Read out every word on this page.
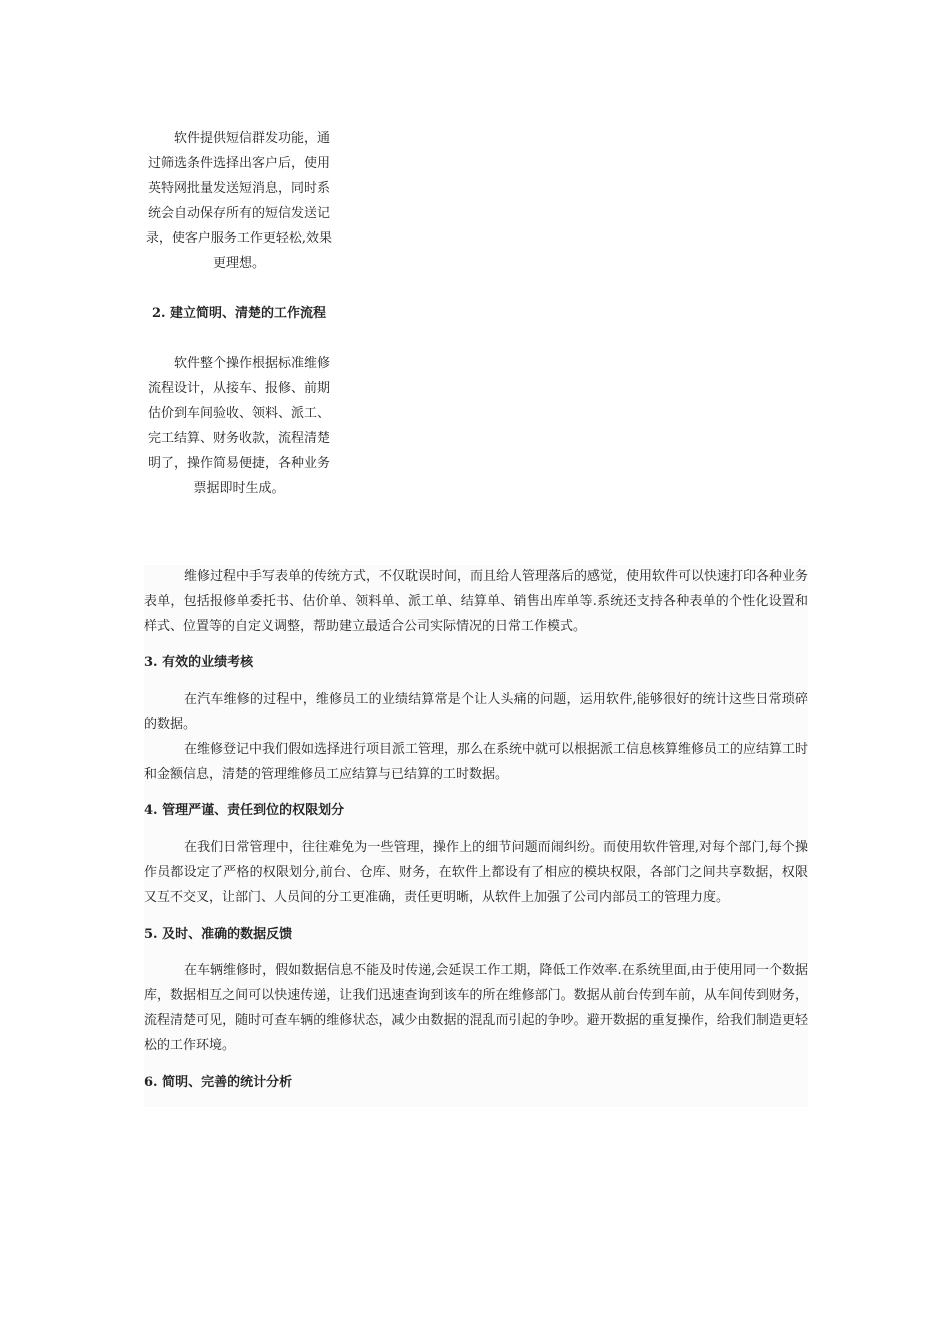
　　软件提供短信群发功能，通过筛选条件选择出客户后，使用英特网批量发送短消息，同时系统会自动保存所有的短信发送记录，使客户服务工作更轻松,效果更理想。

2. 建立简明、清楚的工作流程

　　软件整个操作根据标准维修流程设计，从接车、报修、前期估价到车间验收、领料、派工、完工结算、财务收款，流程清楚明了，操作简易便捷，各种业务票据即时生成。

维修过程中手写表单的传统方式，不仅耽误时间，而且给人管理落后的感觉，使用软件可以快速打印各种业务表单，包括报修单委托书、估价单、领料单、派工单、结算单、销售出库单等.系统还支持各种表单的个性化设置和样式、位置等的自定义调整，帮助建立最适合公司实际情况的日常工作模式。

3. 有效的业绩考核

在汽车维修的过程中，维修员工的业绩结算常是个让人头痛的问题，运用软件,能够很好的统计这些日常琐碎的数据。

在维修登记中我们假如选择进行项目派工管理，那么在系统中就可以根据派工信息核算维修员工的应结算工时和金额信息，清楚的管理维修员工应结算与已结算的工时数据。

4. 管理严谨、责任到位的权限划分

在我们日常管理中，往往难免为一些管理，操作上的细节问题而闹纠纷。而使用软件管理,对每个部门,每个操作员都设定了严格的权限划分,前台、仓库、财务，在软件上都设有了相应的模块权限，各部门之间共享数据，权限又互不交叉，让部门、人员间的分工更准确，责任更明晰，从软件上加强了公司内部员工的管理力度。

5. 及时、准确的数据反馈

在车辆维修时，假如数据信息不能及时传递,会延误工作工期，降低工作效率.在系统里面,由于使用同一个数据库，数据相互之间可以快速传递，让我们迅速查询到该车的所在维修部门。数据从前台传到车前，从车间传到财务，流程清楚可见，随时可查车辆的维修状态，减少由数据的混乱而引起的争吵。避开数据的重复操作，给我们制造更轻松的工作环境。

6. 简明、完善的统计分析
